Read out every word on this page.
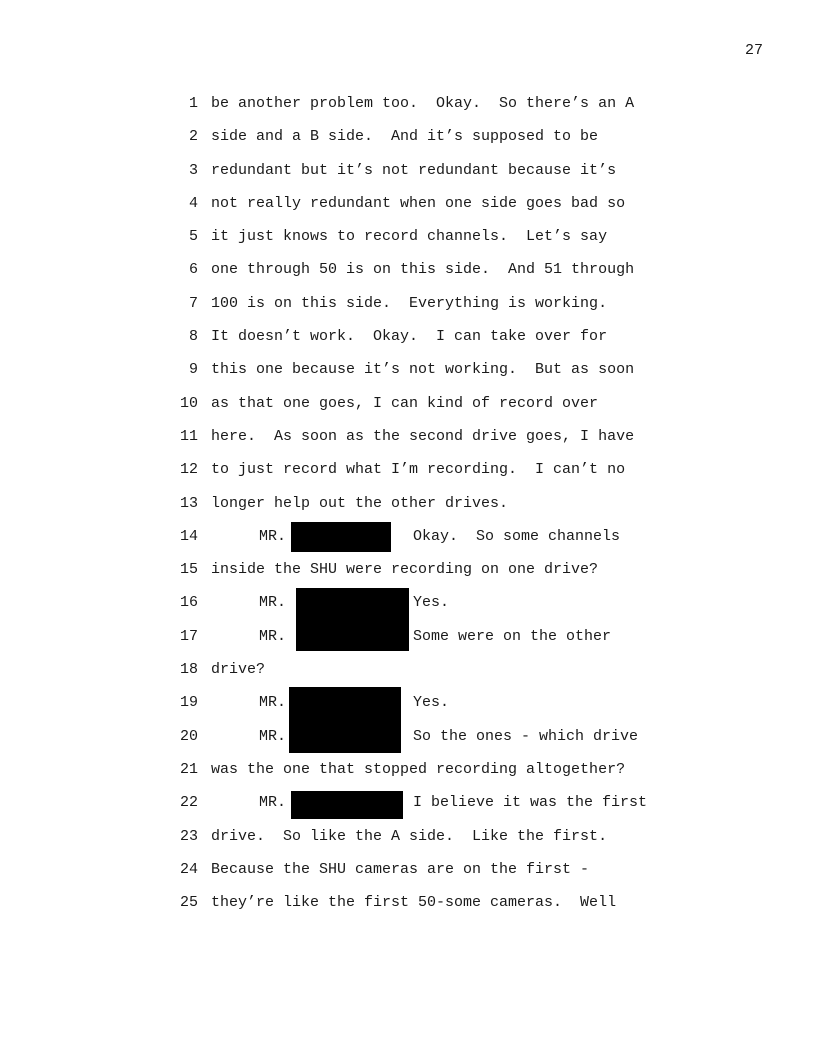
27
1 be another problem too.  Okay.  So there’s an A
2 side and a B side.  And it’s supposed to be
3 redundant but it’s not redundant because it’s
4 not really redundant when one side goes bad so
5 it just knows to record channels.  Let’s say
6 one through 50 is on this side.  And 51 through
7 100 is on this side.  Everything is working.
8 It doesn’t work.  Okay.  I can take over for
9 this one because it’s not working.  But as soon
10 as that one goes, I can kind of record over
11 here.  As soon as the second drive goes, I have
12 to just record what I’m recording.  I can’t no
13 longer help out the other drives.
14	MR.	Okay.  So some channels
15 inside the SHU were recording on one drive?
16	MR.	Yes.
17	MR.	Some were on the other
18 drive?
19	MR.	Yes.
20	MR.	So the ones - which drive
21 was the one that stopped recording altogether?
22	MR.	I believe it was the first
23 drive.  So like the A side.  Like the first.
24 Because the SHU cameras are on the first -
25 they’re like the first 50-some cameras.  Well
